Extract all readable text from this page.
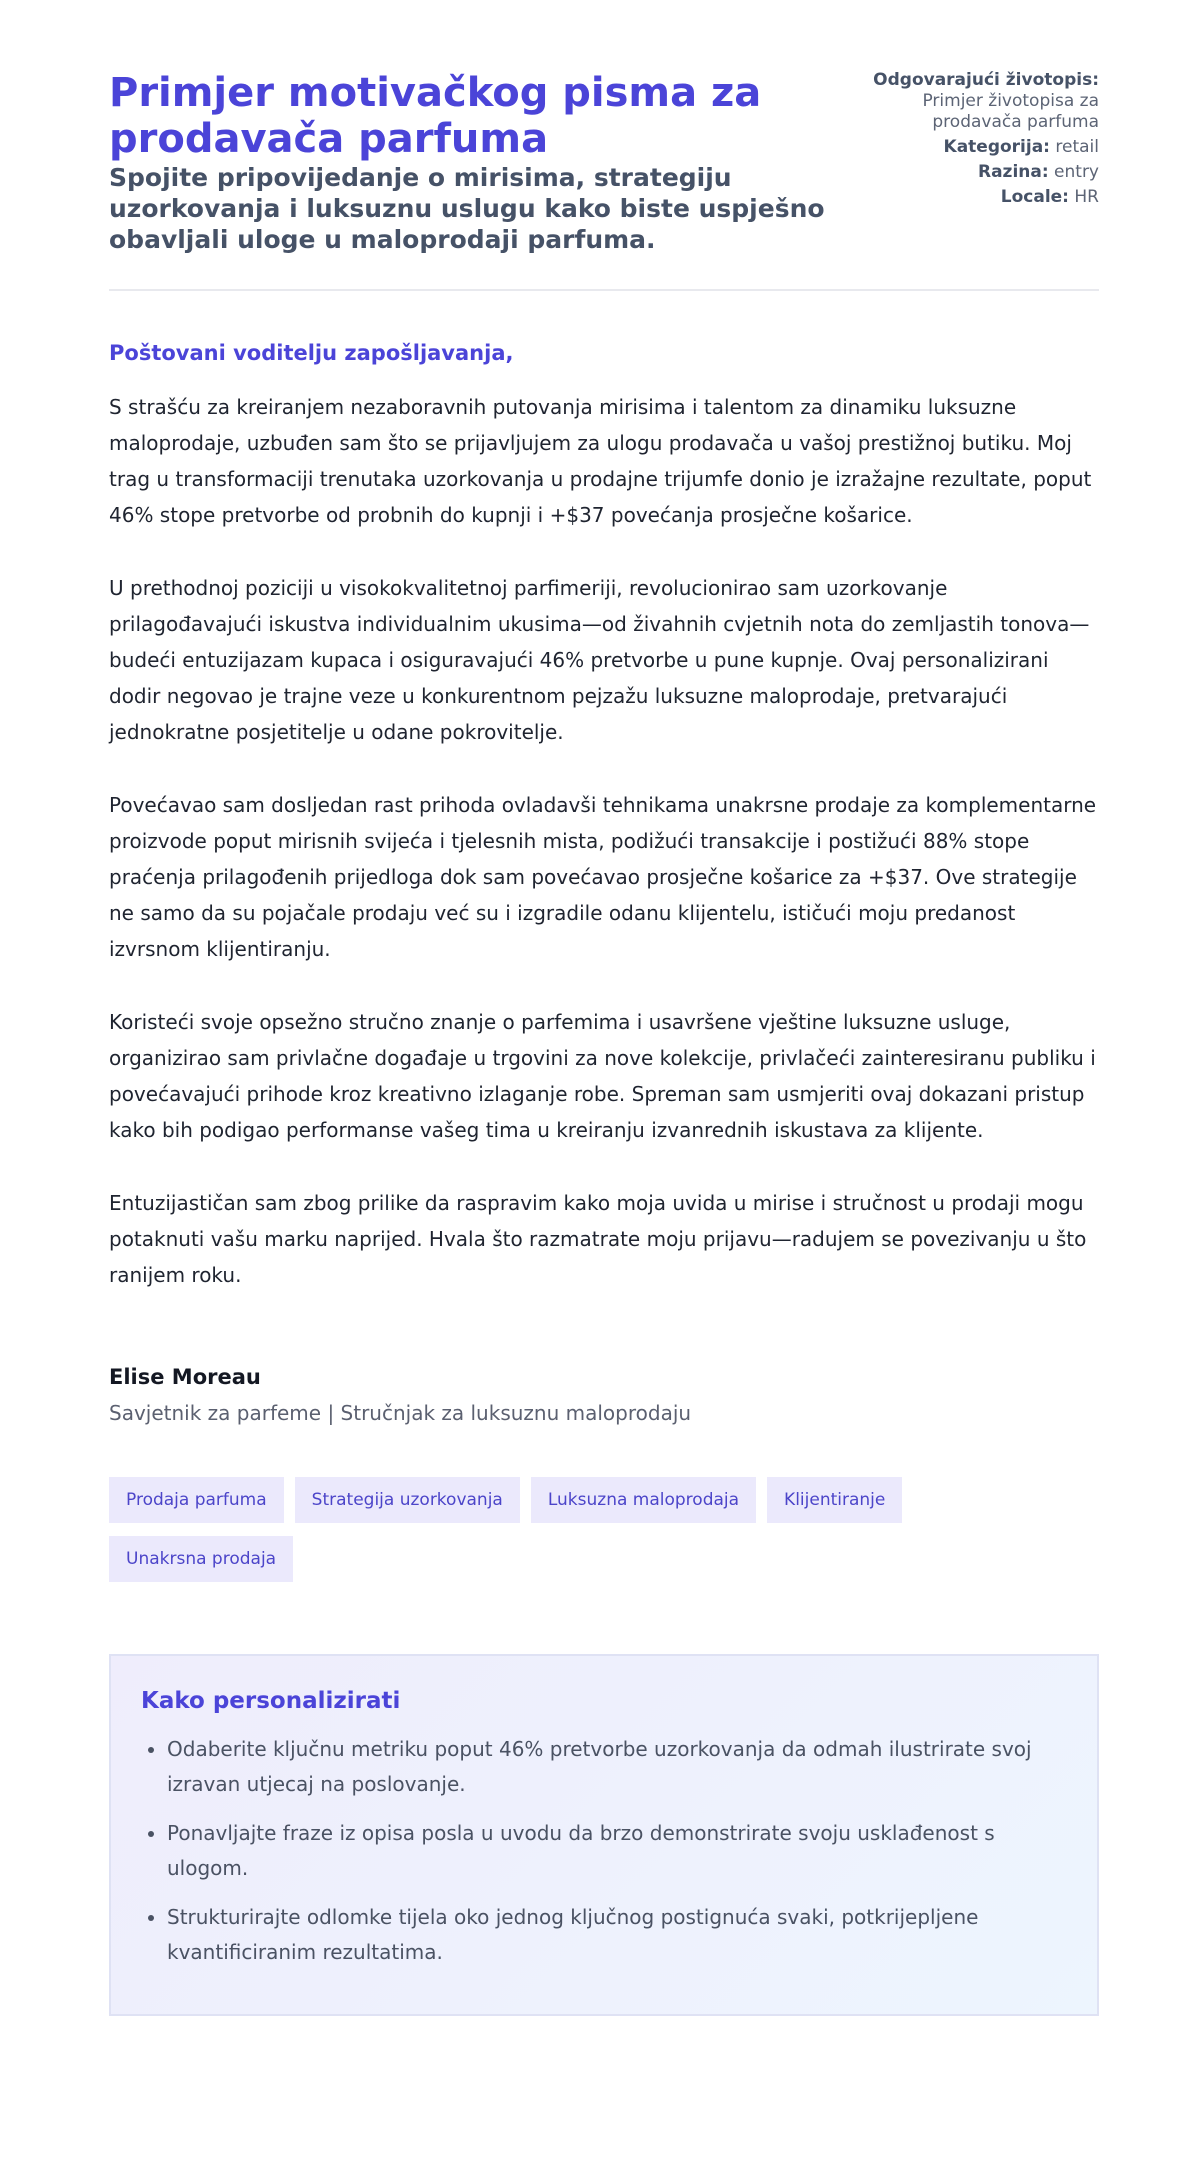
Primjer motivačkog pisma za prodavača parfuma

Spojite pripovijedanje o mirisima, strategiju uzorkovanja i luksuznu uslugu kako biste uspješno obavljali uloge u maloprodaji parfuma.

Odgovarajući životopis: Primjer životopisa za prodavača parfuma
Kategorija: retail
Razina: entry
Locale: HR
Poštovani voditelju zapošljavanja,

S strašću za kreiranjem nezaboravnih putovanja mirisima i talentom za dinamiku luksuzne maloprodaje, uzbuđen sam što se prijavljujem za ulogu prodavača u vašoj prestižnoj butiku. Moj trag u transformaciji trenutaka uzorkovanja u prodajne trijumfe donio je izražajne rezultate, poput 46% stope pretvorbe od probnih do kupnji i +$37 povećanja prosječne košarice.

U prethodnoj poziciji u visokokvalitetnoj parfimeriji, revolucionirao sam uzorkovanje prilagođavajući iskustva individualnim ukusima—od živahnih cvjetnih nota do zemljastih tonova—budeći entuzijazam kupaca i osiguravajući 46% pretvorbe u pune kupnje. Ovaj personalizirani dodir negovao je trajne veze u konkurentnom pejzažu luksuzne maloprodaje, pretvarajući jednokratne posjetitelje u odane pokrovitelje.

Povećavao sam dosljedan rast prihoda ovladavši tehnikama unakrsne prodaje za komplementarne proizvode poput mirisnih svijeća i tjelesnih mista, podižući transakcije i postižući 88% stope praćenja prilagođenih prijedloga dok sam povećavao prosječne košarice za +$37. Ove strategije ne samo da su pojačale prodaju već su i izgradile odanu klijentelu, ističući moju predanost izvrsnom klijentiranju.

Koristeći svoje opsežno stručno znanje o parfemima i usavršene vještine luksuzne usluge, organizirao sam privlačne događaje u trgovini za nove kolekcije, privlačeći zainteresiranu publiku i povećavajući prihode kroz kreativno izlaganje robe. Spreman sam usmjeriti ovaj dokazani pristup kako bih podigao performanse vašeg tima u kreiranju izvanrednih iskustava za klijente.

Entuzijastičan sam zbog prilike da raspravim kako moja uvida u mirise i stručnost u prodaji mogu potaknuti vašu marku naprijed. Hvala što razmatrate moju prijavu—radujem se povezivanju u što ranijem roku.

Elise Moreau
Savjetnik za parfeme | Stručnjak za luksuznu maloprodaju
Prodaja parfuma	Strategija uzorkovanja	Luksuzna maloprodaja	Klijentiranje
Unakrsna prodaja
Kako personalizirati
• Odaberite ključnu metriku poput 46% pretvorbe uzorkovanja da odmah ilustrirate svoj izravan utjecaj na poslovanje.
• Ponavljajte fraze iz opisa posla u uvodu da brzo demonstrirate svoju usklađenost s ulogom.
• Strukturirajte odlomke tijela oko jednog ključnog postignuća svaki, potkrijepljene kvantificiranim rezultatima.
